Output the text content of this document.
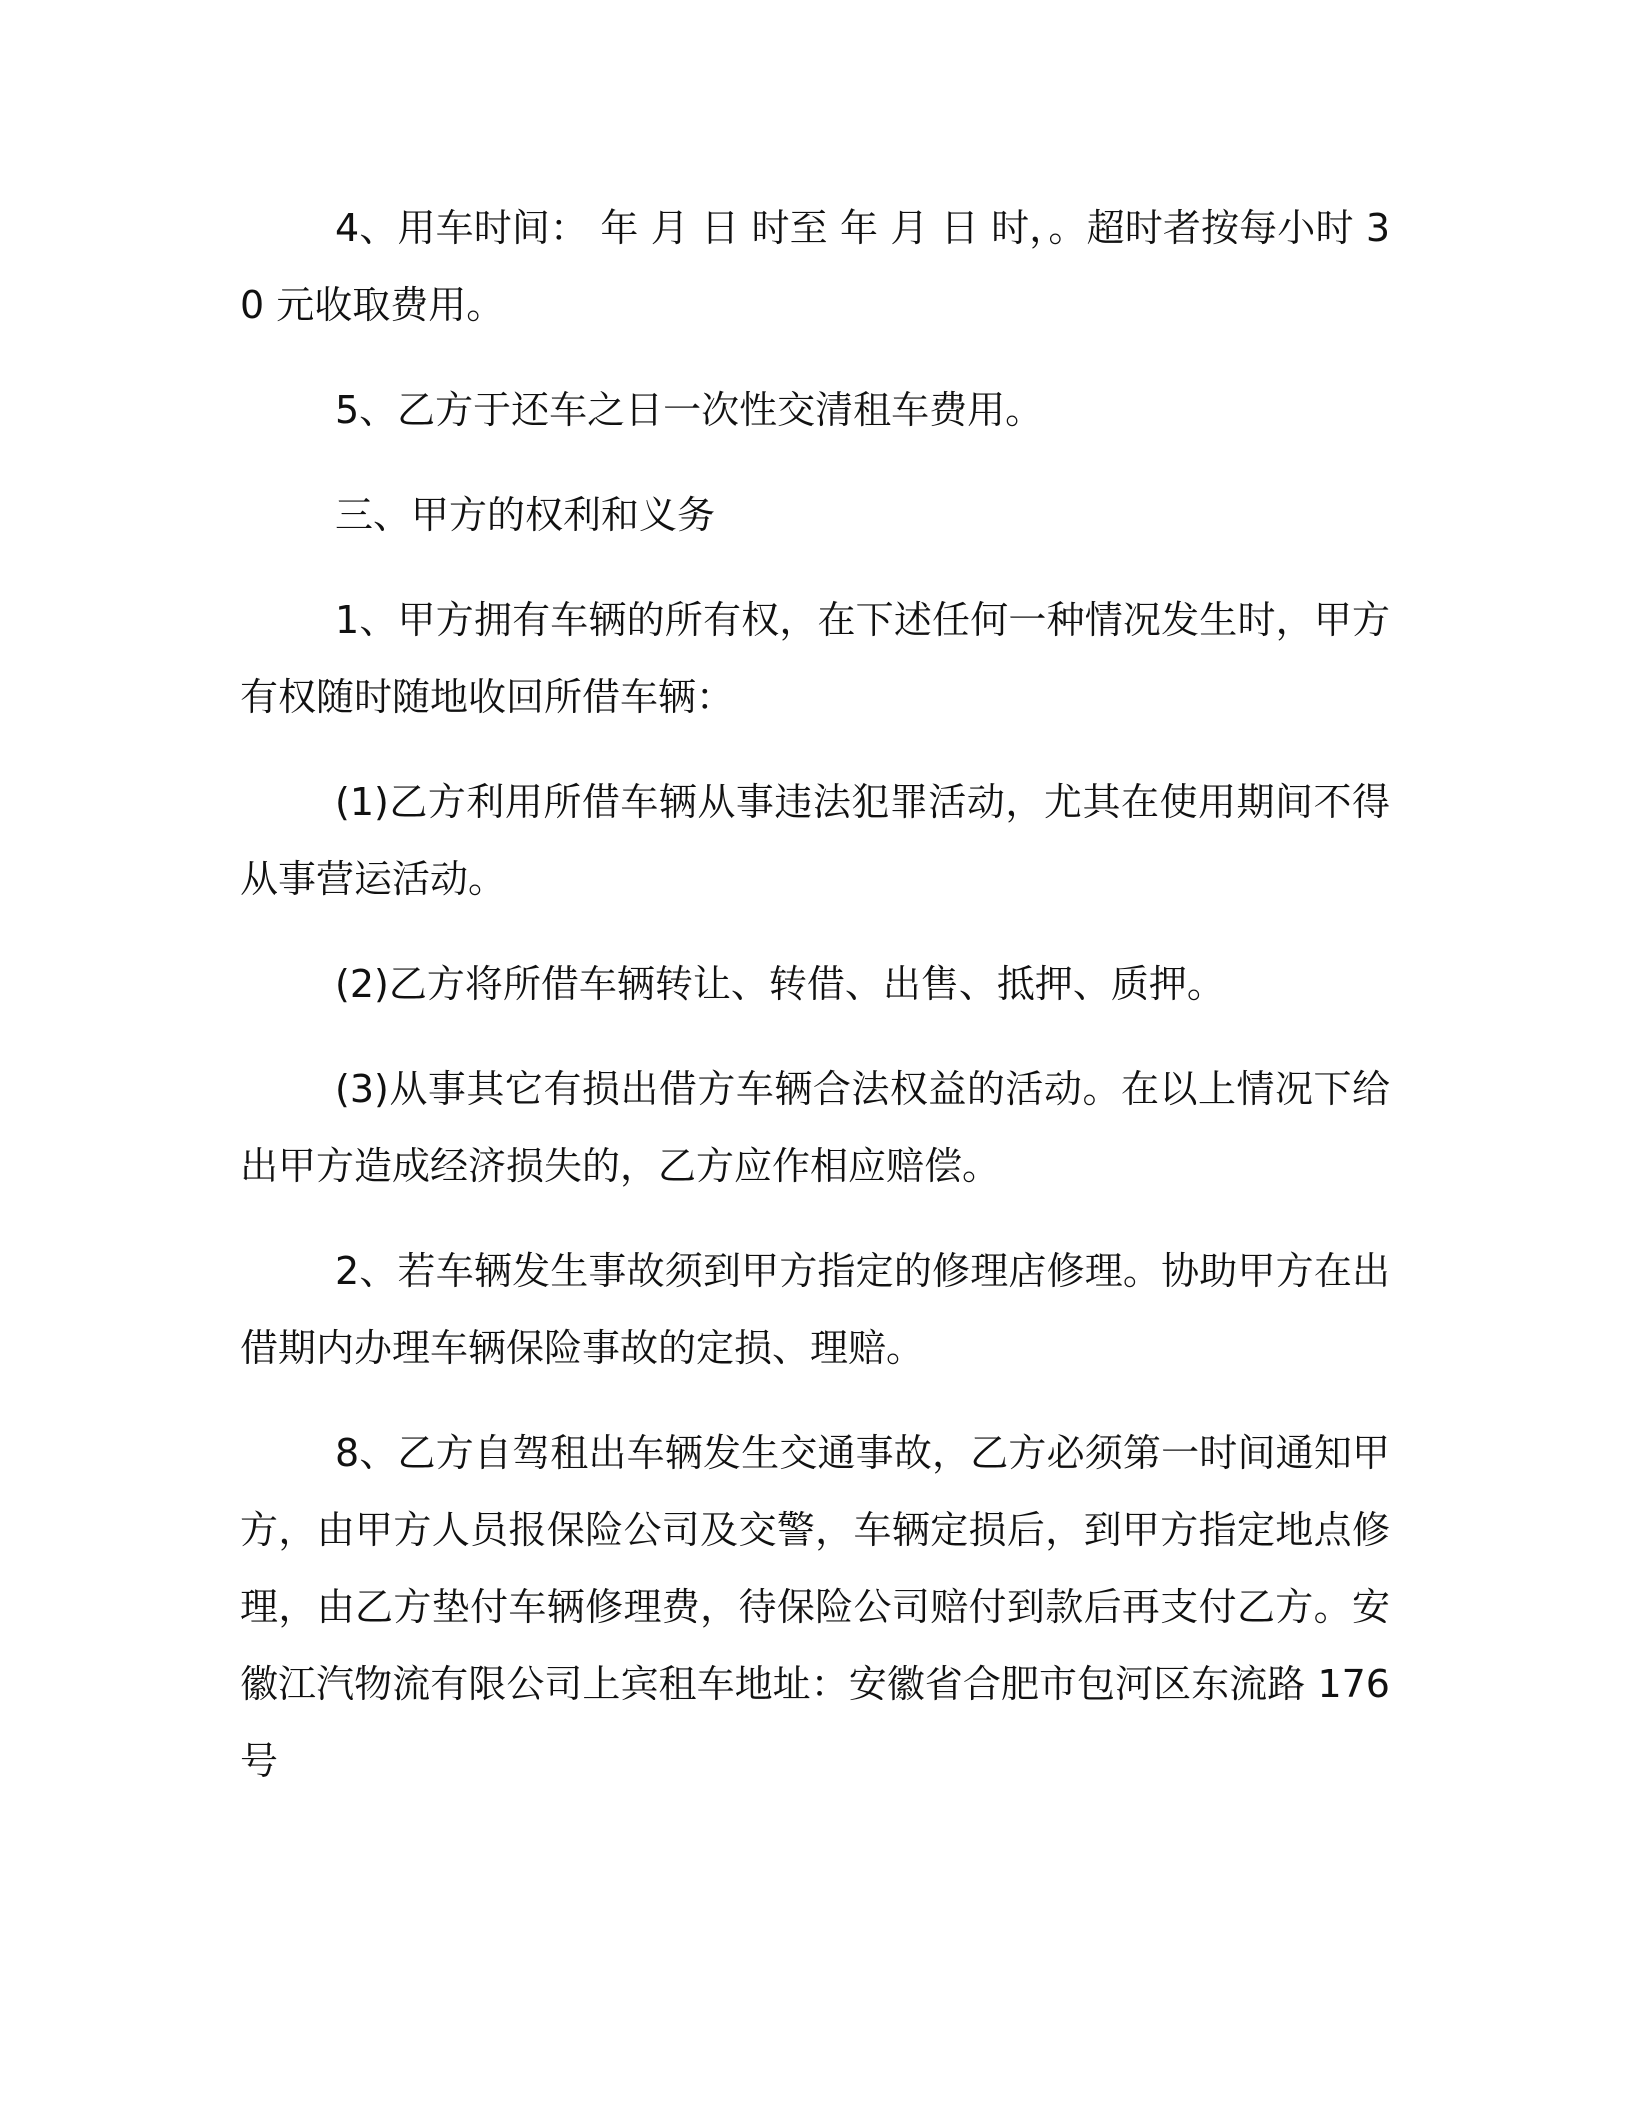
4、用车时间： 年 月 日 时至 年 月 日 时，。超时者按每小时 30 元收取费用。

5、乙方于还车之日一次性交清租车费用。

三、甲方的权利和义务

1、甲方拥有车辆的所有权，在下述任何一种情况发生时，甲方有权随时随地收回所借车辆：

(1)乙方利用所借车辆从事违法犯罪活动，尤其在使用期间不得从事营运活动。

(2)乙方将所借车辆转让、转借、出售、抵押、质押。

(3)从事其它有损出借方车辆合法权益的活动。在以上情况下给出甲方造成经济损失的，乙方应作相应赔偿。

2、若车辆发生事故须到甲方指定的修理店修理。协助甲方在出借期内办理车辆保险事故的定损、理赔。

8、乙方自驾租出车辆发生交通事故，乙方必须第一时间通知甲方，由甲方人员报保险公司及交警，车辆定损后，到甲方指定地点修理，由乙方垫付车辆修理费，待保险公司赔付到款后再支付乙方。安徽江汽物流有限公司上宾租车地址：安徽省合肥市包河区东流路 176 号
